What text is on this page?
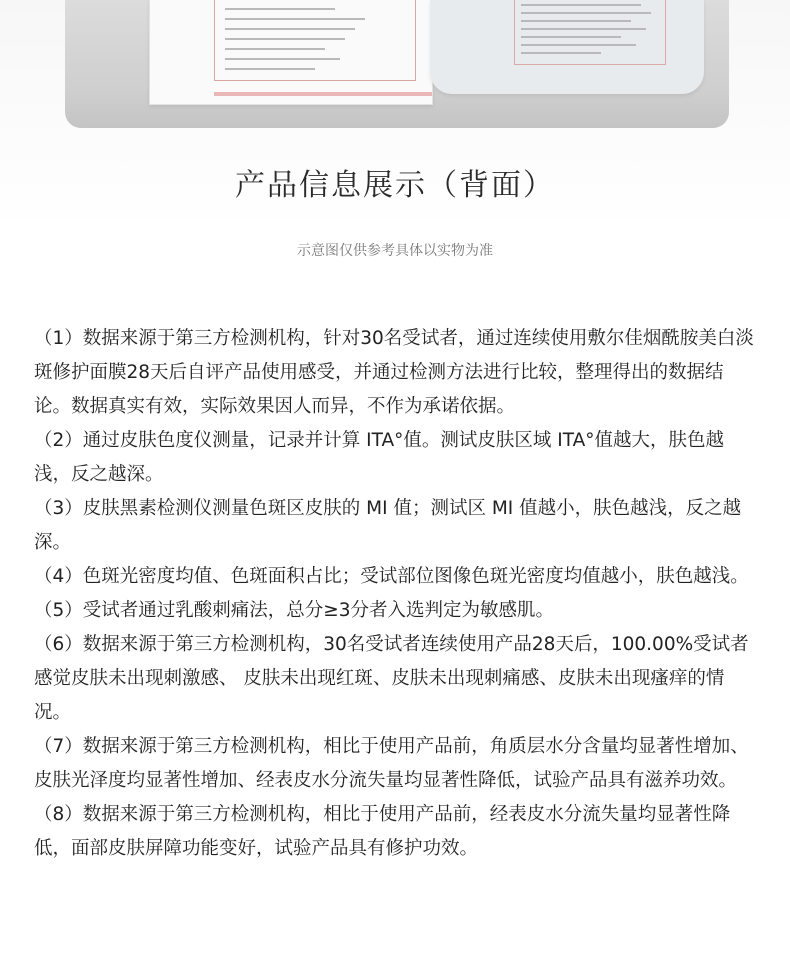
产品信息展示（背面）
示意图仅供参考具体以实物为准

（1）数据来源于第三方检测机构，针对30名受试者，通过连续使用敷尔佳烟酰胺美白淡斑修护面膜28天后自评产品使用感受，并通过检测方法进行比较，整理得出的数据结论。数据真实有效，实际效果因人而异，不作为承诺依据。

（2）通过皮肤色度仪测量，记录并计算 ITA°值。测试皮肤区域 ITA°值越大，肤色越浅，反之越深。

（3）皮肤黑素检测仪测量色斑区皮肤的 MI 值；测试区 MI 值越小，肤色越浅，反之越深。

（4）色斑光密度均值、色斑面积占比；受试部位图像色斑光密度均值越小，肤色越浅。

（5）受试者通过乳酸刺痛法，总分≥3分者入选判定为敏感肌。

（6）数据来源于第三方检测机构，30名受试者连续使用产品28天后，100.00%受试者感觉皮肤未出现刺激感、 皮肤未出现红斑、皮肤未出现刺痛感、皮肤未出现瘙痒的情况。

（7）数据来源于第三方检测机构，相比于使用产品前，角质层水分含量均显著性增加、皮肤光泽度均显著性增加、经表皮水分流失量均显著性降低，试验产品具有滋养功效。

（8）数据来源于第三方检测机构，相比于使用产品前，经表皮水分流失量均显著性降低，面部皮肤屏障功能变好，试验产品具有修护功效。
